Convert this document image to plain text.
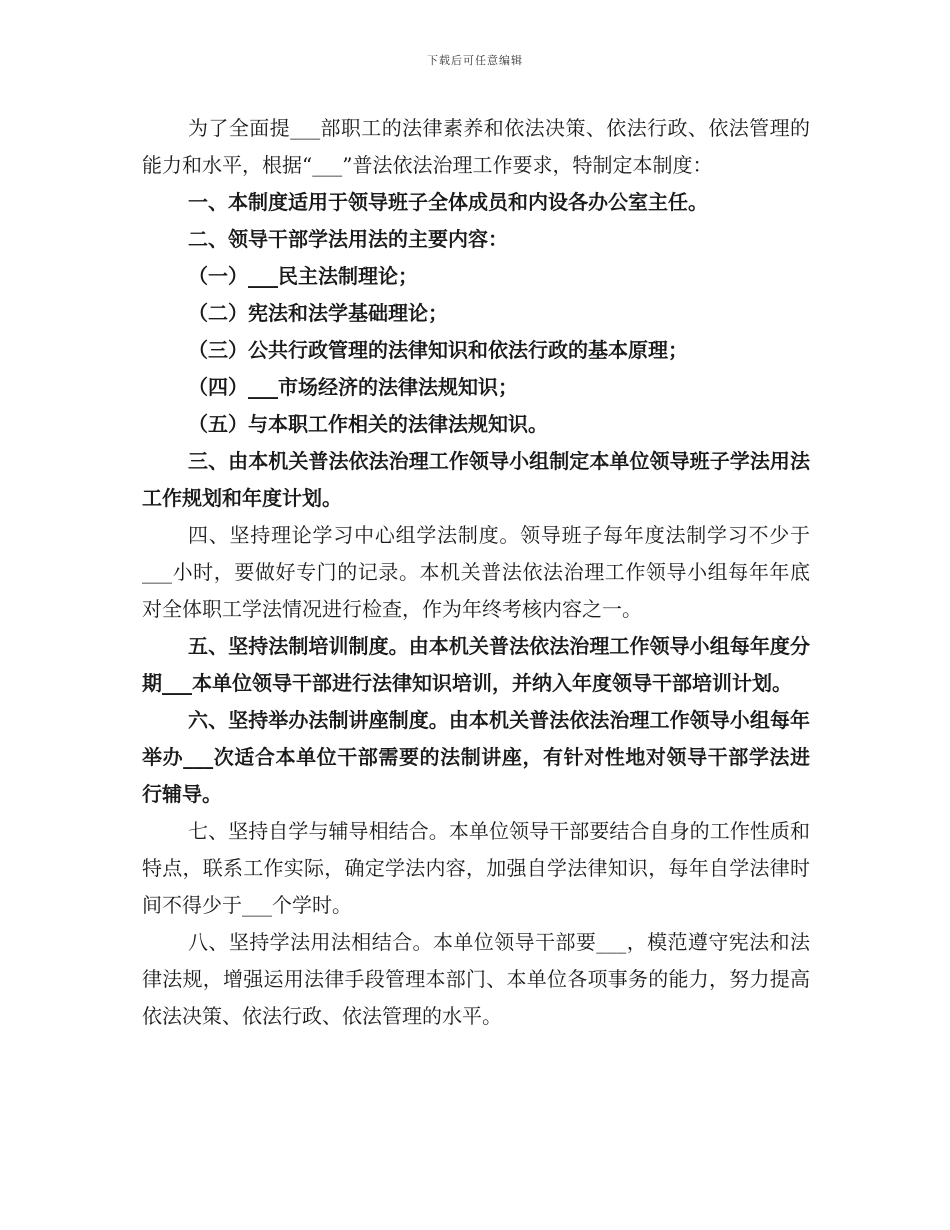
下载后可任意编辑

为了全面提___部职工的法律素养和依法决策、依法行政、依法管理的能力和水平，根据“___”普法依法治理工作要求，特制定本制度：

一、本制度适用于领导班子全体成员和内设各办公室主任。

二、领导干部学法用法的主要内容：

（一）___民主法制理论；

（二）宪法和法学基础理论；

（三）公共行政管理的法律知识和依法行政的基本原理；

（四）___市场经济的法律法规知识；

（五）与本职工作相关的法律法规知识。

三、由本机关普法依法治理工作领导小组制定本单位领导班子学法用法工作规划和年度计划。

四、坚持理论学习中心组学法制度。领导班子每年度法制学习不少于___小时，要做好专门的记录。本机关普法依法治理工作领导小组每年年底对全体职工学法情况进行检查，作为年终考核内容之一。

五、坚持法制培训制度。由本机关普法依法治理工作领导小组每年度分期___本单位领导干部进行法律知识培训，并纳入年度领导干部培训计划。

六、坚持举办法制讲座制度。由本机关普法依法治理工作领导小组每年举办___次适合本单位干部需要的法制讲座，有针对性地对领导干部学法进行辅导。

七、坚持自学与辅导相结合。本单位领导干部要结合自身的工作性质和特点，联系工作实际，确定学法内容，加强自学法律知识，每年自学法律时间不得少于___个学时。

八、坚持学法用法相结合。本单位领导干部要___，模范遵守宪法和法律法规，增强运用法律手段管理本部门、本单位各项事务的能力，努力提高依法决策、依法行政、依法管理的水平。
